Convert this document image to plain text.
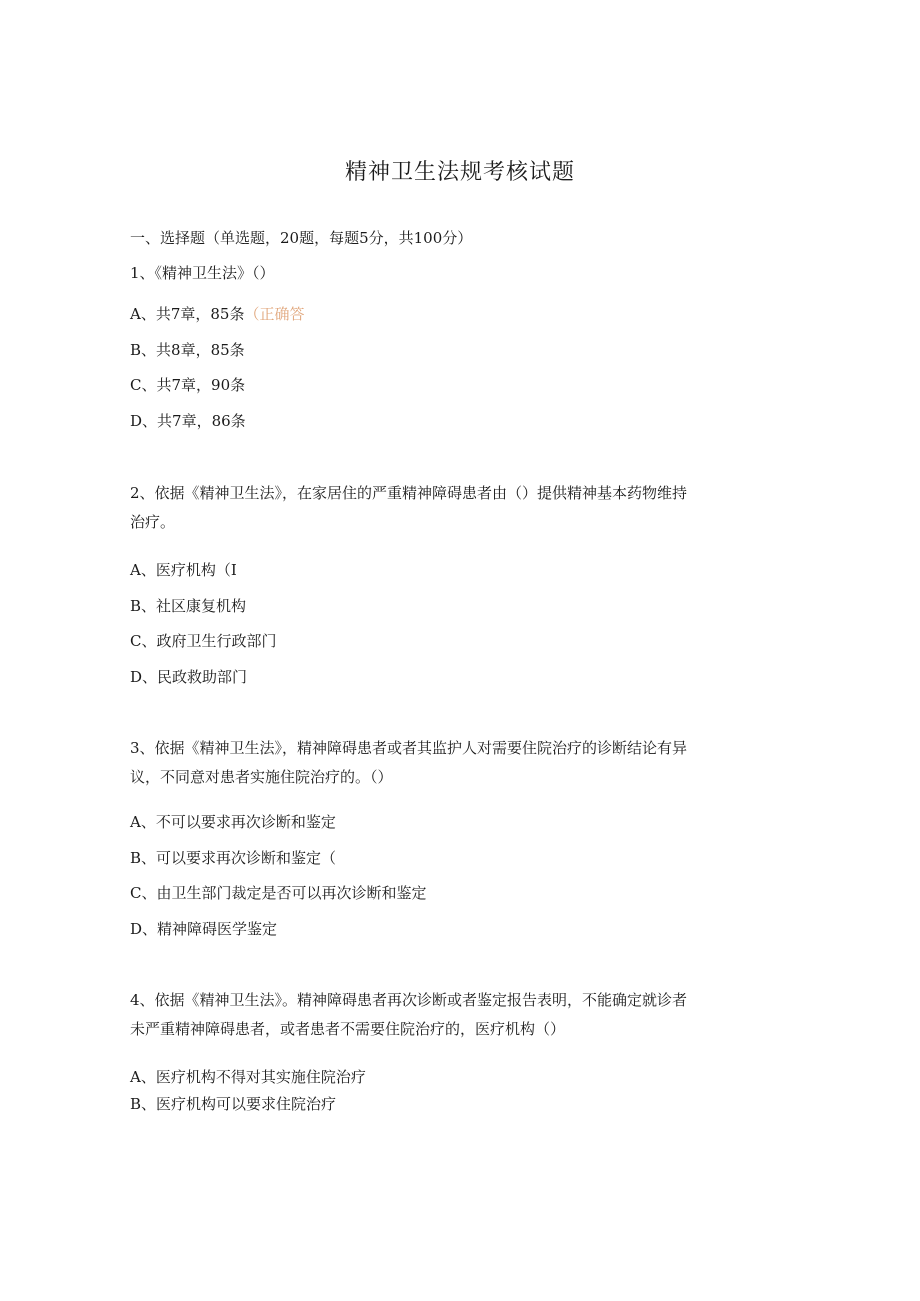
精神卫生法规考核试题
一、选择题（单选题，20题，每题5分，共100分）
1、《精神卫生法》（）
A、共7章，85条（正确答
B、共8章，85条
C、共7章，90条
D、共7章，86条
2、依据《精神卫生法》，在家居住的严重精神障碍患者由（）提供精神基本药物维持
治疗。
A、医疗机构（I
B、社区康复机构
C、政府卫生行政部门
D、民政救助部门
3、依据《精神卫生法》，精神障碍患者或者其监护人对需要住院治疗的诊断结论有异
议，不同意对患者实施住院治疗的。（）
A、不可以要求再次诊断和鉴定
B、可以要求再次诊断和鉴定（
C、由卫生部门裁定是否可以再次诊断和鉴定
D、精神障碍医学鉴定
4、依据《精神卫生法》。精神障碍患者再次诊断或者鉴定报告表明，不能确定就诊者
未严重精神障碍患者，或者患者不需要住院治疗的，医疗机构（）
A、医疗机构不得对其实施住院治疗
B、医疗机构可以要求住院治疗
